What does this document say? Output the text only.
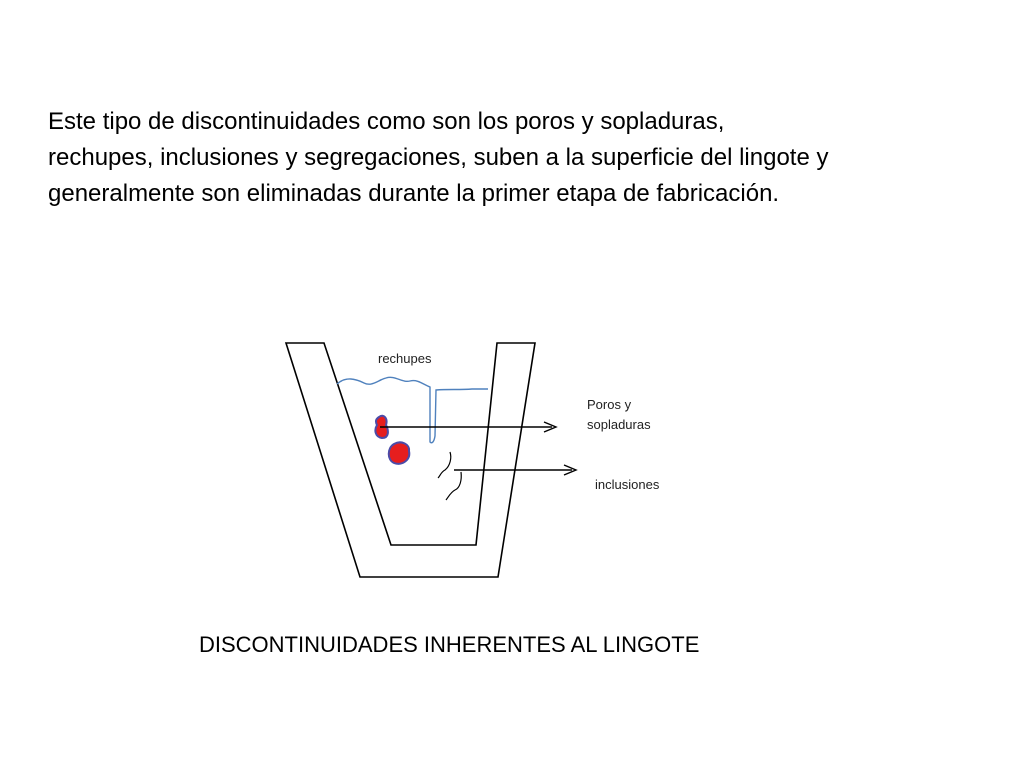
Este tipo de discontinuidades como son los poros y sopladuras,
rechupes, inclusiones y segregaciones, suben a la superficie del lingote y
generalmente son eliminadas durante la primer etapa de fabricación.
rechupes
Poros y
sopladuras
inclusiones
DISCONTINUIDADES INHERENTES AL LINGOTE
